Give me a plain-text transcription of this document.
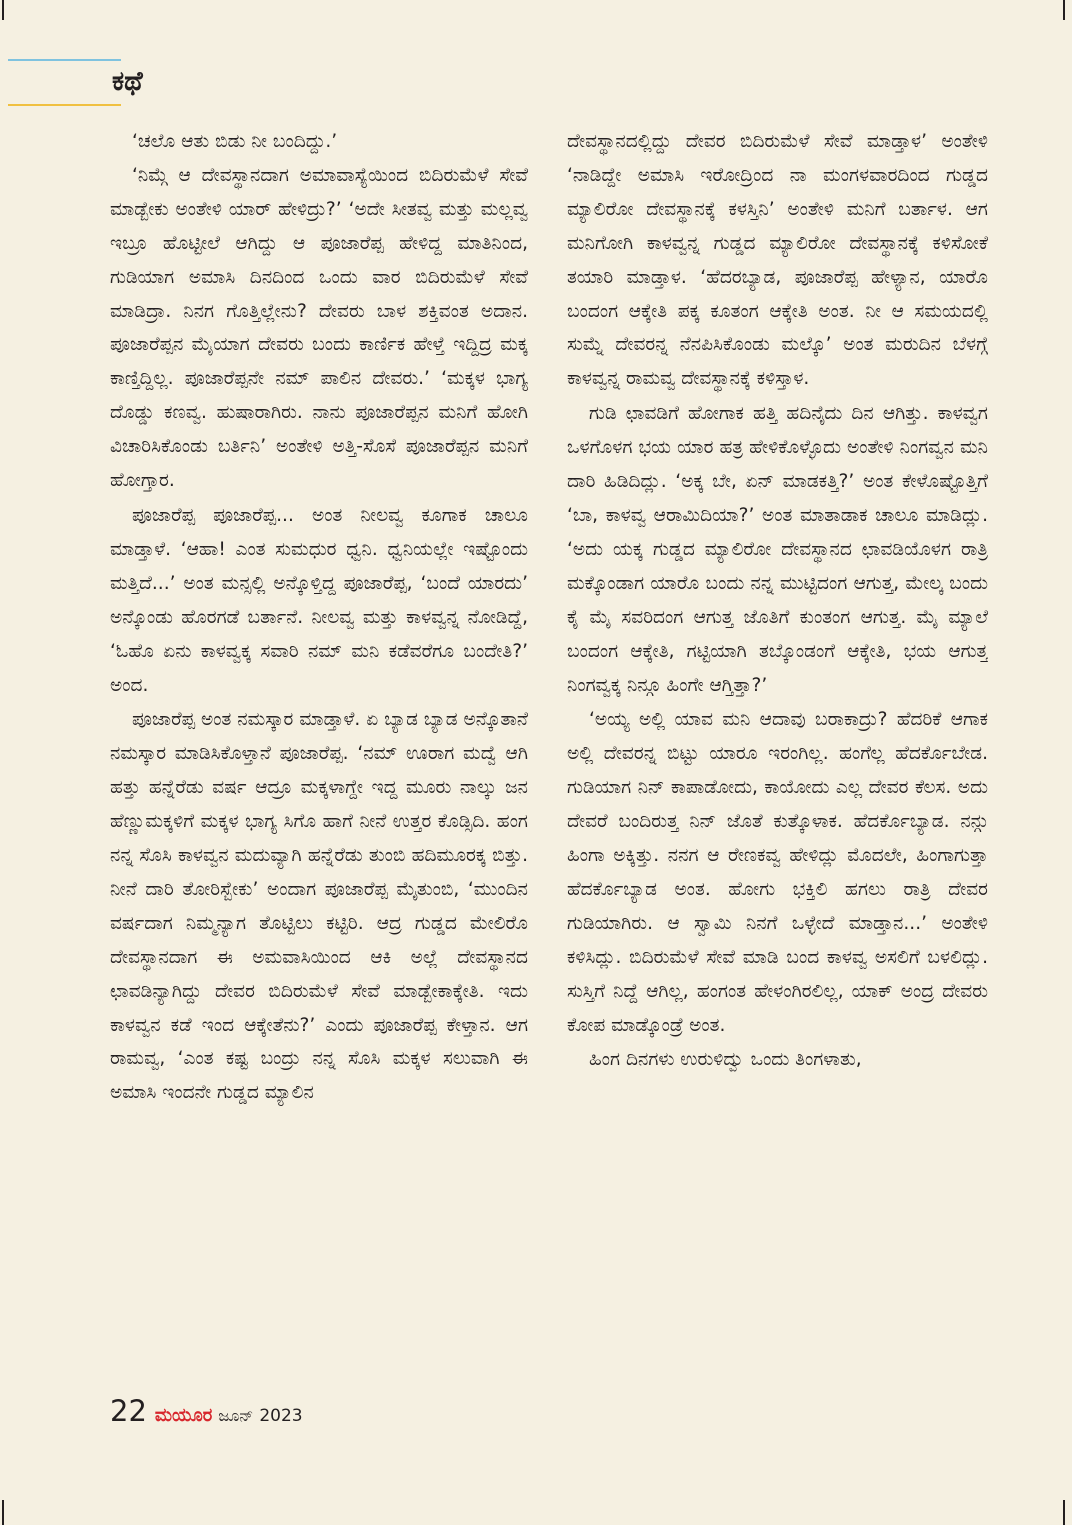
ಕಥೆ

‘ಚಲೊ ಆತು ಬಿಡು ನೀ ಬಂದಿದ್ದು.’

‘ನಿಮ್ಗೆ ಆ ದೇವಸ್ಥಾನದಾಗ ಅಮಾವಾಸ್ಯೆಯಿಂದ ಬಿದಿರುಮೆಳೆ ಸೇವೆ ಮಾಡ್ಬೇಕು ಅಂತೇಳಿ ಯಾರ್ ಹೇಳಿದ್ರು?’ ‘ಅದೇ ಸೀತವ್ವ ಮತ್ತು ಮಲ್ಲವ್ವ ಇಬ್ರೂ ಹೊಟ್ಟೀಲೆ ಆಗಿದ್ದು ಆ ಪೂಜಾರೆಪ್ಪ ಹೇಳಿದ್ದ ಮಾತಿನಿಂದ, ಗುಡಿಯಾಗ ಅಮಾಸಿ ದಿನದಿಂದ ಒಂದು ವಾರ ಬಿದಿರುಮೆಳೆ ಸೇವೆ ಮಾಡಿದ್ರಾ. ನಿನಗ ಗೊತ್ತಿಲ್ಲೇನು? ದೇವರು ಬಾಳ ಶಕ್ತಿವಂತ ಅದಾನ. ಪೂಜಾರೆಪ್ಪನ ಮೈಯಾಗ ದೇವರು ಬಂದು ಕಾರ್ಣಿಕ ಹೇಳ್ತೆ ಇದ್ದಿದ್ರ ಮಕ್ಕ ಕಾಣ್ತಿದ್ದಿಲ್ಲ. ಪೂಜಾರೆಪ್ಪನೇ ನಮ್ ಪಾಲಿನ ದೇವರು.’ ‘ಮಕ್ಕಳ ಭಾಗ್ಯ ದೊಡ್ಡು ಕಣವ್ವ. ಹುಷಾರಾಗಿರು. ನಾನು ಪೂಜಾರೆಪ್ಪನ ಮನಿಗೆ ಹೋಗಿ ವಿಚಾರಿಸಿಕೊಂಡು ಬರ್ತಿನಿ’ ಅಂತೇಳಿ ಅತ್ತಿ-ಸೊಸೆ ಪೂಜಾರೆಪ್ಪನ ಮನಿಗೆ ಹೋಗ್ತಾರ.

ಪೂಜಾರೆಪ್ಪ ಪೂಜಾರೆಪ್ಪ... ಅಂತ ನೀಲವ್ವ ಕೂಗಾಕ ಚಾಲೂ ಮಾಡ್ತಾಳೆ. ‘ಆಹಾ! ಎಂತ ಸುಮಧುರ ಧ್ವನಿ. ಧ್ವನಿಯಲ್ಲೇ ಇಷ್ಟೊಂದು ಮತ್ತಿದೆ...’ ಅಂತ ಮನ್ಸಲ್ಲಿ ಅನ್ಕೊಳ್ತಿದ್ದ ಪೂಜಾರೆಪ್ಪ, ‘ಬಂದೆ ಯಾರದು’ ಅನ್ಕೊಂಡು ಹೊರಗಡೆ ಬರ್ತಾನೆ. ನೀಲವ್ವ ಮತ್ತು ಕಾಳವ್ವನ್ನ ನೋಡಿದ್ದೆ, ‘ಓಹೊ ಏನು ಕಾಳವ್ವಕ್ಕ ಸವಾರಿ ನಮ್ ಮನಿ ಕಡೆವರೆಗೂ ಬಂದೇತಿ?’ ಅಂದ.

ಪೂಜಾರೆಪ್ಪ ಅಂತ ನಮಸ್ಕಾರ ಮಾಡ್ತಾಳೆ. ಏ ಬ್ಯಾಡ ಬ್ಯಾಡ ಅನ್ಕೊತಾನೆ ನಮಸ್ಕಾರ ಮಾಡಿಸಿಕೊಳ್ತಾನೆ ಪೂಜಾರೆಪ್ಪ. ‘ನಮ್ ಊರಾಗ ಮದ್ವೆ ಆಗಿ ಹತ್ತು ಹನ್ನೆರೆಡು ವರ್ಷ ಆದ್ರೂ ಮಕ್ಕಳಾಗ್ದೇ ಇದ್ದ ಮೂರು ನಾಲ್ಕು ಜನ ಹೆಣ್ಣುಮಕ್ಕಳಿಗೆ ಮಕ್ಕಳ ಭಾಗ್ಯ ಸಿಗೊ ಹಾಗೆ ನೀನೆ ಉತ್ತರ ಕೊಡ್ಸಿದಿ. ಹಂಗ ನನ್ನ ಸೊಸಿ ಕಾಳವ್ವನ ಮದುವ್ಯಾಗಿ ಹನ್ನೆರೆಡು ತುಂಬಿ ಹದಿಮೂರಕ್ಕ ಬಿತ್ತು. ನೀನೆ ದಾರಿ ತೋರಿಸ್ಬೇಕು’ ಅಂದಾಗ ಪೂಜಾರೆಪ್ಪ ಮೈತುಂಬಿ, ‘ಮುಂದಿನ ವರ್ಷದಾಗ ನಿಮ್ಮನ್ಯಾಗ ತೊಟ್ಟಿಲು ಕಟ್ಟಿರಿ. ಆದ್ರ ಗುಡ್ಡದ ಮೇಲಿರೊ ದೇವಸ್ಥಾನದಾಗ ಈ ಅಮವಾಸಿಯಿಂದ ಆಕಿ ಅಲ್ಲೆ ದೇವಸ್ಥಾನದ ಛಾವಡಿನ್ಯಾಗಿದ್ದು ದೇವರ ಬಿದಿರುಮೆಳೆ ಸೇವೆ ಮಾಡ್ಬೇಕಾಕ್ಕೇತಿ. ಇದು ಕಾಳವ್ವನ ಕಡೆ ಇಂದ ಆಕ್ಕೇತೆನು?’ ಎಂದು ಪೂಜಾರೆಪ್ಪ ಕೇಳ್ತಾನ. ಆಗ ರಾಮವ್ವ, ‘ಎಂತ ಕಷ್ಟ ಬಂದ್ರು ನನ್ನ ಸೊಸಿ ಮಕ್ಕಳ ಸಲುವಾಗಿ ಈ ಅಮಾಸಿ ಇಂದನೇ ಗುಡ್ಡದ ಮ್ಯಾಲಿನ

ದೇವಸ್ಥಾನದಲ್ಲಿದ್ದು ದೇವರ ಬಿದಿರುಮೆಳೆ ಸೇವೆ ಮಾಡ್ತಾಳ’ ಅಂತೇಳಿ ‘ನಾಡಿದ್ದೇ ಅಮಾಸಿ ಇರೋದ್ರಿಂದ ನಾ ಮಂಗಳವಾರದಿಂದ ಗುಡ್ಡದ ಮ್ಯಾಲಿರೋ ದೇವಸ್ಥಾನಕ್ಕೆ ಕಳಸ್ತಿನಿ’ ಅಂತೇಳಿ ಮನಿಗೆ ಬರ್ತಾಳ. ಆಗ ಮನಿಗೋಗಿ ಕಾಳವ್ವನ್ನ ಗುಡ್ಡದ ಮ್ಯಾಲಿರೋ ದೇವಸ್ಥಾನಕ್ಕೆ ಕಳಿಸೋಕೆ ತಯಾರಿ ಮಾಡ್ತಾಳ. ‘ಹೆದರಬ್ಯಾಡ, ಪೂಜಾರೆಪ್ಪ ಹೇಳ್ಯಾನ, ಯಾರೊ ಬಂದಂಗ ಆಕ್ಕೇತಿ ಪಕ್ಕ ಕೂತಂಗ ಆಕ್ಕೇತಿ ಅಂತ. ನೀ ಆ ಸಮಯದಲ್ಲಿ ಸುಮ್ನೆ ದೇವರನ್ನ ನೆನಪಿಸಿಕೊಂಡು ಮಲ್ಕೊ’ ಅಂತ ಮರುದಿನ ಬೆಳಗ್ಗೆ ಕಾಳವ್ವನ್ನ ರಾಮವ್ವ ದೇವಸ್ಥಾನಕ್ಕೆ ಕಳಿಸ್ತಾಳ.

ಗುಡಿ ಛಾವಡಿಗೆ ಹೋಗಾಕ ಹತ್ತಿ ಹದಿನೈದು ದಿನ ಆಗಿತ್ತು. ಕಾಳವ್ವಗ ಒಳಗೊಳಗ ಭಯ ಯಾರ ಹತ್ರ ಹೇಳಿಕೊಳ್ಳೊದು ಅಂತೇಳಿ ನಿಂಗವ್ವನ ಮನಿ ದಾರಿ ಹಿಡಿದಿದ್ಲು. ‘ಅಕ್ಕ ಬೇ, ಏನ್ ಮಾಡಕತ್ತಿ?’ ಅಂತ ಕೇಳೊಷ್ಟೊತ್ತಿಗೆ ‘ಬಾ, ಕಾಳವ್ವ ಆರಾಮಿದಿಯಾ?’ ಅಂತ ಮಾತಾಡಾಕ ಚಾಲೂ ಮಾಡಿದ್ಲು. ‘ಅದು ಯಕ್ಕ ಗುಡ್ಡದ ಮ್ಯಾಲಿರೋ ದೇವಸ್ಥಾನದ ಛಾವಡಿಯೊಳಗ ರಾತ್ರಿ ಮಕ್ಕೊಂಡಾಗ ಯಾರೊ ಬಂದು ನನ್ನ ಮುಟ್ಟಿದಂಗ ಆಗುತ್ತ, ಮೇಲ್ಕ ಬಂದು ಕೈ ಮೈ ಸವರಿದಂಗ ಆಗುತ್ತ ಜೊತಿಗೆ ಕುಂತಂಗ ಆಗುತ್ತ. ಮೈ ಮ್ಯಾಲೆ ಬಂದಂಗ ಆಕ್ಕೇತಿ, ಗಟ್ಟಿಯಾಗಿ ತಬ್ಕೊಂಡಂಗೆ ಆಕ್ಕೇತಿ, ಭಯ ಆಗುತ್ತ ನಿಂಗವ್ವಕ್ಕ ನಿನ್ಗೂ ಹಿಂಗೇ ಆಗ್ತಿತ್ತಾ?’

‘ಅಯ್ಯ ಅಲ್ಲಿ ಯಾವ ಮನಿ ಆದಾವು ಬರಾಕಾದ್ರು? ಹೆದರಿಕೆ ಆಗಾಕ ಅಲ್ಲಿ ದೇವರನ್ನ ಬಿಟ್ಟು ಯಾರೂ ಇರಂಗಿಲ್ಲ. ಹಂಗೆಲ್ಲ ಹೆದರ್ಕೊಬೇಡ. ಗುಡಿಯಾಗ ನಿನ್ ಕಾಪಾಡೋದು, ಕಾಯೋದು ಎಲ್ಲ ದೇವರ ಕೆಲಸ. ಅದು ದೇವರೆ ಬಂದಿರುತ್ತ ನಿನ್ ಜೊತೆ ಕುತ್ಕೊಳಾಕ. ಹೆದರ್ಕೊಬ್ಯಾಡ. ನನ್ಗು ಹಿಂಗಾ ಅಕ್ಕಿತ್ತು. ನನಗ ಆ ರೇಣಕವ್ವ ಹೇಳಿದ್ಲು ಮೊದಲೇ, ಹಿಂಗಾಗುತ್ತಾ ಹೆದರ್ಕೊಬ್ಯಾಡ ಅಂತ. ಹೋಗು ಭಕ್ತಿಲಿ ಹಗಲು ರಾತ್ರಿ ದೇವರ ಗುಡಿಯಾಗಿರು. ಆ ಸ್ವಾಮಿ ನಿನಗೆ ಒಳ್ಳೇದೆ ಮಾಡ್ತಾನ...’ ಅಂತೇಳಿ ಕಳಿಸಿದ್ಲು. ಬಿದಿರುಮೆಳೆ ಸೇವೆ ಮಾಡಿ ಬಂದ ಕಾಳವ್ವ ಅಸಲಿಗೆ ಬಳಲಿದ್ಲು. ಸುಸ್ತಿಗೆ ನಿದ್ದೆ ಆಗಿಲ್ಲ, ಹಂಗಂತ ಹೇಳಂಗಿರಲಿಲ್ಲ, ಯಾಕ್ ಅಂದ್ರ ದೇವರು ಕೋಪ ಮಾಡ್ಕೊಂಡ್ರೆ ಅಂತ.

ಹಿಂಗ ದಿನಗಳು ಉರುಳಿದ್ವು ಒಂದು ತಿಂಗಳಾತು,

22 ಮಯೂರ ಜೂನ್ 2023
